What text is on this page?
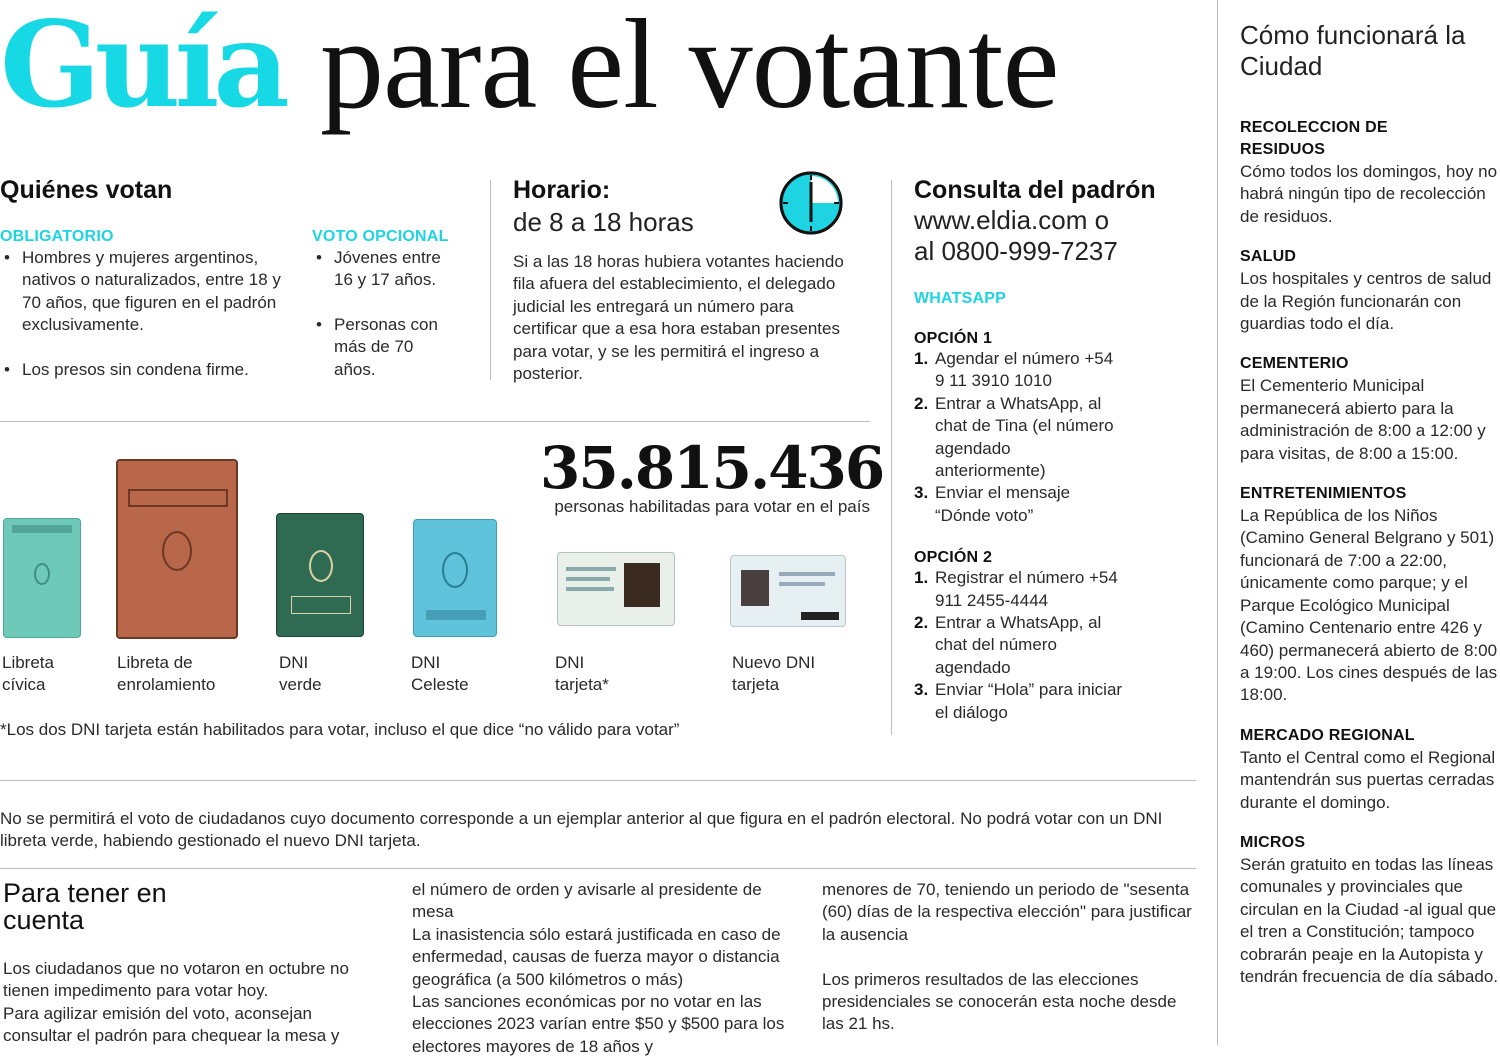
Guía para el votante
Quiénes votan
OBLIGATORIO
• Hombres y mujeres argentinos, nativos o naturalizados, entre 18 y 70 años, que figuren en el padrón exclusivamente.
• Los presos sin condena firme.
VOTO OPCIONAL
• Jóvenes entre 16 y 17 años.
• Personas con más de 70 años.
Horario:
de 8 a 18 horas
Si a las 18 horas hubiera votantes haciendo fila afuera del establecimiento, el delegado judicial les entregará un número para certificar que a esa hora estaban presentes para votar, y se les permitirá el ingreso a posterior.
Consulta del padrón
www.eldia.com o
al 0800-999-7237
WHATSAPP
OPCIÓN 1
1. Agendar el número +54 9 11 3910 1010
2. Entrar a WhatsApp, al chat de Tina (el número agendado anteriormente)
3. Enviar el mensaje “Dónde voto”
OPCIÓN 2
1. Registrar el número +54 911 2455-4444
2. Entrar a WhatsApp, al chat del número agendado
3. Enviar “Hola” para iniciar el diálogo
35.815.436
personas habilitadas para votar en el país
Libreta
cívica
Libreta de
enrolamiento
DNI
verde
DNI
Celeste
DNI
tarjeta*
Nuevo DNI
tarjeta
*Los dos DNI tarjeta están habilitados para votar, incluso el que dice “no válido para votar”
No se permitirá el voto de ciudadanos cuyo documento corresponde a un ejemplar anterior al que figura en el padrón electoral. No podrá votar con un DNI libreta verde, habiendo gestionado el nuevo DNI tarjeta.
Para tener en cuenta
Los ciudadanos que no votaron en octubre no tienen impedimento para votar hoy.
Para agilizar emisión del voto, aconsejan consultar el padrón para chequear la mesa y
el número de orden y avisarle al presidente de mesa
La inasistencia sólo estará justificada en caso de enfermedad, causas de fuerza mayor o distancia geográfica (a 500 kilómetros o más)
Las sanciones económicas por no votar en las elecciones 2023 varían entre $50 y $500 para los electores mayores de 18 años y
menores de 70, teniendo un periodo de "sesenta (60) días de la respectiva elección" para justificar la ausencia

Los primeros resultados de las elecciones presidenciales se conocerán esta noche desde las 21 hs.
Cómo funcionará la Ciudad
RECOLECCION DE RESIDUOS
Cómo todos los domingos, hoy no habrá ningún tipo de recolección de residuos.
SALUD
Los hospitales y centros de salud de la Región funcionarán con guardias todo el día.
CEMENTERIO
El Cementerio Municipal permanecerá abierto para la administración de 8:00 a 12:00 y para visitas, de 8:00 a 15:00.
ENTRETENIMIENTOS
La República de los Niños (Camino General Belgrano y 501) funcionará de 7:00 a 22:00, únicamente como parque; y el Parque Ecológico Municipal (Camino Centenario entre 426 y 460) permanecerá abierto de 8:00 a 19:00. Los cines después de las 18:00.
MERCADO REGIONAL
Tanto el Central como el Regional mantendrán sus puertas cerradas durante el domingo.
MICROS
Serán gratuito en todas las líneas comunales y provinciales que circulan en la Ciudad -al igual que el tren a Constitución; tampoco cobrarán peaje en la Autopista y tendrán frecuencia de día sábado.
